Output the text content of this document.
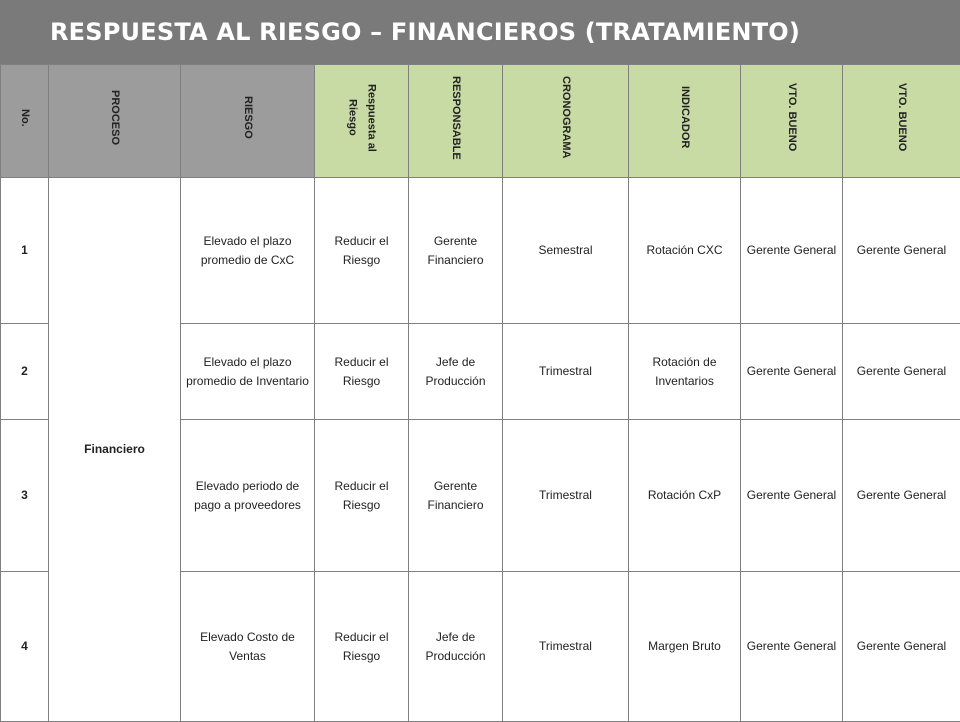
RESPUESTA AL RIESGO – FINANCIEROS (TRATAMIENTO)
No.	PROCESO	RIESGO	Respuesta al Riesgo	RESPONSABLE	CRONOGRAMA	INDICADOR	VTO. BUENO	VTO. BUENO
1	Financiero	Elevado el plazo promedio de CxC	Reducir el Riesgo	Gerente Financiero	Semestral	Rotación CXC	Gerente General	Gerente General
2		Elevado el plazo promedio de Inventario	Reducir el Riesgo	Jefe de Producción	Trimestral	Rotación de Inventarios	Gerente General	Gerente General
3		Elevado periodo de pago a proveedores	Reducir el Riesgo	Gerente Financiero	Trimestral	Rotación CxP	Gerente General	Gerente General
4		Elevado Costo de Ventas	Reducir el Riesgo	Jefe de Producción	Trimestral	Margen Bruto	Gerente General	Gerente General
